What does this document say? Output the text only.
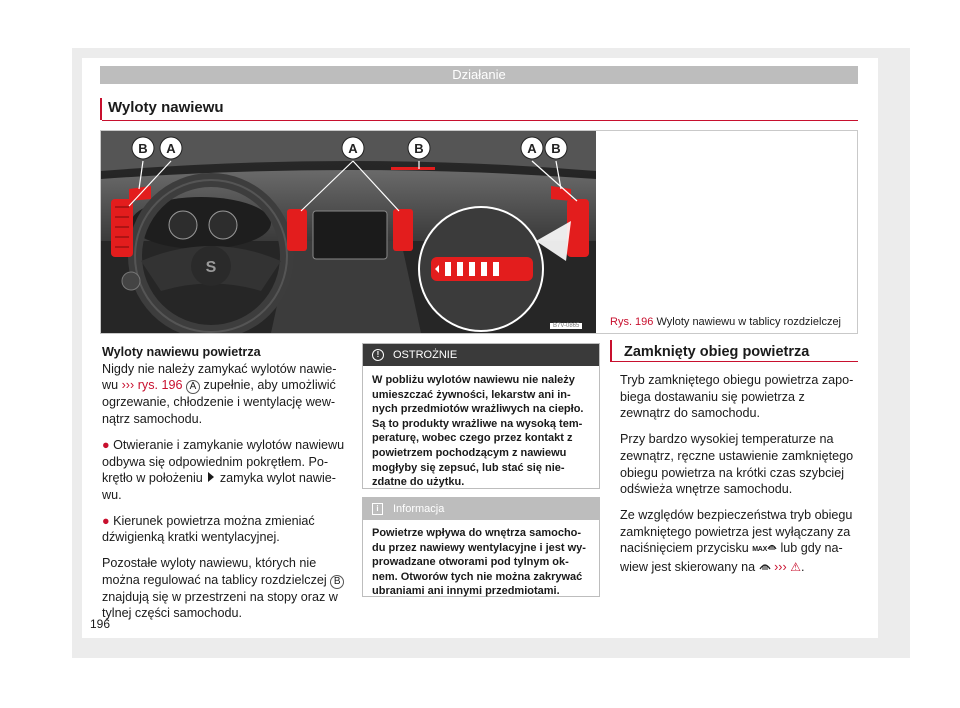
Działanie
Wyloty nawiewu
S
B A	A	B	A B
B7V-0865	Rys. 196 Wyloty nawiewu w tablicy rozdzielczej
Wyloty nawiewu powietrza

Nigdy nie należy zamykać wylotów nawie-wu ››› rys. 196 A zupełnie, aby umożliwić ogrzewanie, chłodzenie i wentylację wew-nątrz samochodu.

● Otwieranie i zamykanie wylotów nawiewu odbywa się odpowiednim pokrętłem. Po-krętło w położeniu zamyka wylot nawie-wu.

● Kierunek powietrza można zmieniać dźwigienką kratki wentylacyjnej.

Pozostałe wyloty nawiewu, których nie można regulować na tablicy rozdzielczej B znajdują się w przestrzeni na stopy oraz w tylnej części samochodu.

!	OSTROŻNIE
W pobliżu wylotów nawiewu nie należy umieszczać żywności, lekarstw ani in-nych przedmiotów wrażliwych na ciepło. Są to produkty wrażliwe na wysoką tem-peraturę, wobec czego przez kontakt z powietrzem pochodzącym z nawiewu mogłyby się zepsuć, lub stać się nie-zdatne do użytku.
i	Informacja
Powietrze wpływa do wnętrza samocho-du przez nawiewy wentylacyjne i jest wy-prowadzane otworami pod tylnym ok-nem. Otworów tych nie można zakrywać ubraniami ani innymi przedmiotami.
Zamknięty obieg powietrza

Tryb zamkniętego obiegu powietrza zapo-biega dostawaniu się powietrza z zewnątrz do samochodu.

Przy bardzo wysokiej temperaturze na zewnątrz, ręczne ustawienie zamkniętego obiegu powietrza na krótki czas szybciej odświeża wnętrze samochodu.

Ze względów bezpieczeństwa tryb obiegu zamkniętego powietrza jest wyłączany za naciśnięciem przycisku MAX lub gdy na-wiew jest skierowany na ››› ⚠.

196
